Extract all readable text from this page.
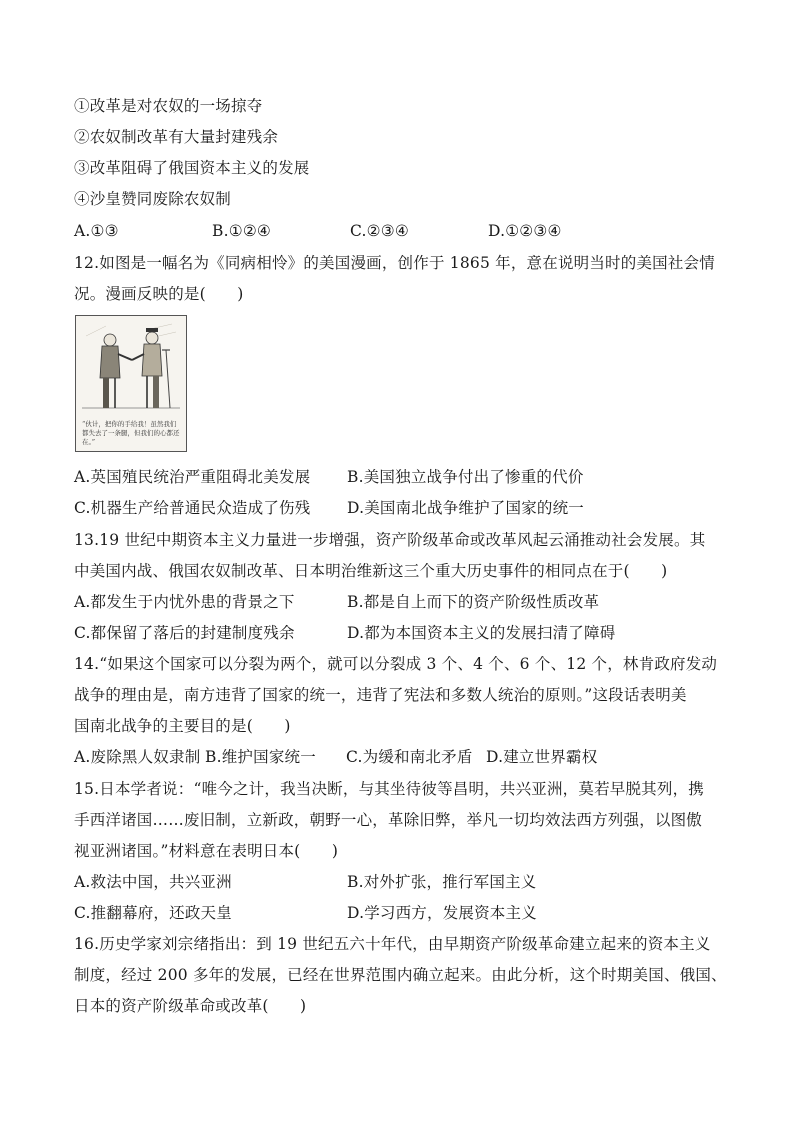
①改革是对农奴的一场掠夺
②农奴制改革有大量封建残余
③改革阻碍了俄国资本主义的发展
④沙皇赞同废除农奴制
A.①③	B.①②④	C.②③④	D.①②③④
12.如图是一幅名为《同病相怜》的美国漫画，创作于 1865 年，意在说明当时的美国社会情
况。漫画反映的是(　　)
“伙计，把你的手给我！虽然我们都失去了一条腿，但我们的心都还在。”
A.英国殖民统治严重阻碍北美发展 B.美国独立战争付出了惨重的代价
C.机器生产给普通民众造成了伤残 D.美国南北战争维护了国家的统一
13.19 世纪中期资本主义力量进一步增强，资产阶级革命或改革风起云涌推动社会发展。其
中美国内战、俄国农奴制改革、日本明治维新这三个重大历史事件的相同点在于(　　)
A.都发生于内忧外患的背景之下	B.都是自上而下的资产阶级性质改革
C.都保留了落后的封建制度残余	D.都为本国资本主义的发展扫清了障碍
14.“如果这个国家可以分裂为两个，就可以分裂成 3 个、4 个、6 个、12 个，林肯政府发动
战争的理由是，南方违背了国家的统一，违背了宪法和多数人统治的原则。”这段话表明美
国南北战争的主要目的是(　　)
A.废除黑人奴隶制 B.维护国家统一 C.为缓和南北矛盾 D.建立世界霸权
15.日本学者说：“唯今之计，我当决断，与其坐待彼等昌明，共兴亚洲，莫若早脱其列，携
手西洋诸国……废旧制，立新政，朝野一心，革除旧弊，举凡一切均效法西方列强，以图傲
视亚洲诸国。”材料意在表明日本(　　)
A.救法中国，共兴亚洲	B.对外扩张，推行军国主义
C.推翻幕府，还政天皇	D.学习西方，发展资本主义
16.历史学家刘宗绪指出：到 19 世纪五六十年代，由早期资产阶级革命建立起来的资本主义
制度，经过 200 多年的发展，已经在世界范围内确立起来。由此分析，这个时期美国、俄国、
日本的资产阶级革命或改革(　　)
